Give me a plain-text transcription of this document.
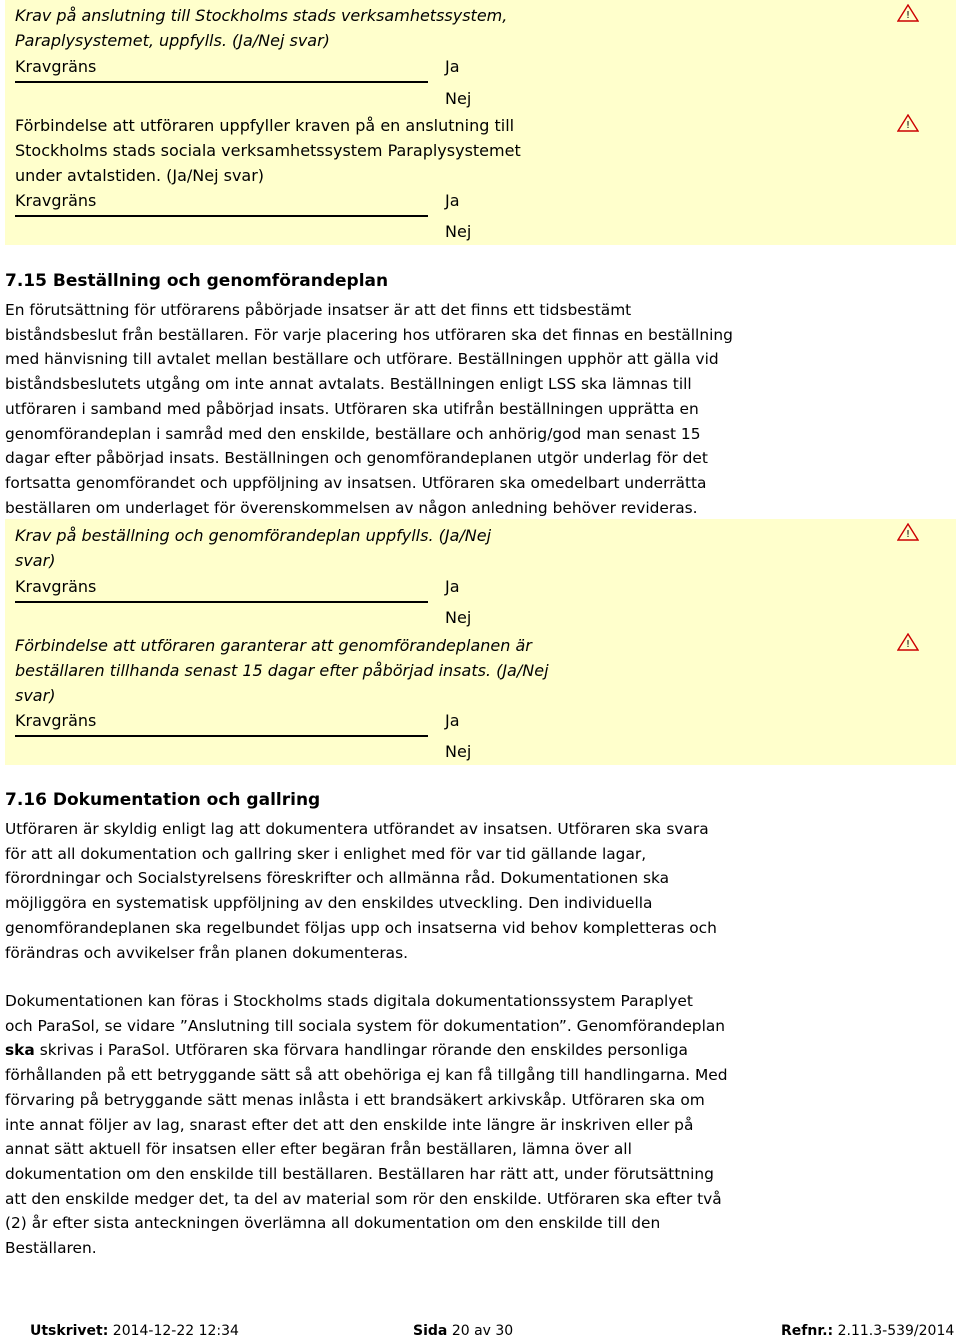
Krav på anslutning till Stockholms stads verksamhetssystem, Paraplysystemet, uppfylls. (Ja/Nej svar)
Kravgräns	Ja
Nej
Förbindelse att utföraren uppfyller kraven på en anslutning till Stockholms stads sociala verksamhetssystem Paraplysystemet under avtalstiden. (Ja/Nej svar)
Kravgräns	Ja
Nej
!
!
7.15 Beställning och genomförandeplan
En förutsättning för utförarens påbörjade insatser är att det finns ett tidsbestämt
biståndsbeslut från beställaren. För varje placering hos utföraren ska det finnas en beställning
med hänvisning till avtalet mellan beställare och utförare. Beställningen upphör att gälla vid
biståndsbeslutets utgång om inte annat avtalats. Beställningen enligt LSS ska lämnas till
utföraren i samband med påbörjad insats. Utföraren ska utifrån beställningen upprätta en
genomförandeplan i samråd med den enskilde, beställare och anhörig/god man senast 15
dagar efter påbörjad insats. Beställningen och genomförandeplanen utgör underlag för det
fortsatta genomförandet och uppföljning av insatsen. Utföraren ska omedelbart underrätta
beställaren om underlaget för överenskommelsen av någon anledning behöver revideras.
Krav på beställning och genomförandeplan uppfylls. (Ja/Nej svar)
Kravgräns	Ja
Nej
Förbindelse att utföraren garanterar att genomförandeplanen är beställaren tillhanda senast 15 dagar efter påbörjad insats. (Ja/Nej svar)
Kravgräns	Ja
Nej
!
!
7.16 Dokumentation och gallring
Utföraren är skyldig enligt lag att dokumentera utförandet av insatsen. Utföraren ska svara
för att all dokumentation och gallring sker i enlighet med för var tid gällande lagar,
förordningar och Socialstyrelsens föreskrifter och allmänna råd. Dokumentationen ska
möjliggöra en systematisk uppföljning av den enskildes utveckling. Den individuella
genomförandeplanen ska regelbundet följas upp och insatserna vid behov kompletteras och
förändras och avvikelser från planen dokumenteras.
Dokumentationen kan föras i Stockholms stads digitala dokumentationssystem Paraplyet
och ParaSol, se vidare ”Anslutning till sociala system för dokumentation”. Genomförandeplan
ska skrivas i ParaSol. Utföraren ska förvara handlingar rörande den enskildes personliga
förhållanden på ett betryggande sätt så att obehöriga ej kan få tillgång till handlingarna. Med
förvaring på betryggande sätt menas inlåsta i ett brandsäkert arkivskåp. Utföraren ska om
inte annat följer av lag, snarast efter det att den enskilde inte längre är inskriven eller på
annat sätt aktuell för insatsen eller efter begäran från beställaren, lämna över all
dokumentation om den enskilde till beställaren. Beställaren har rätt att, under förutsättning
att den enskilde medger det, ta del av material som rör den enskilde. Utföraren ska efter två
(2) år efter sista anteckningen överlämna all dokumentation om den enskilde till den
Beställaren.
Utskrivet: 2014-12-22 12:34	Sida 20 av 30	Refnr.: 2.11.3-539/2014
